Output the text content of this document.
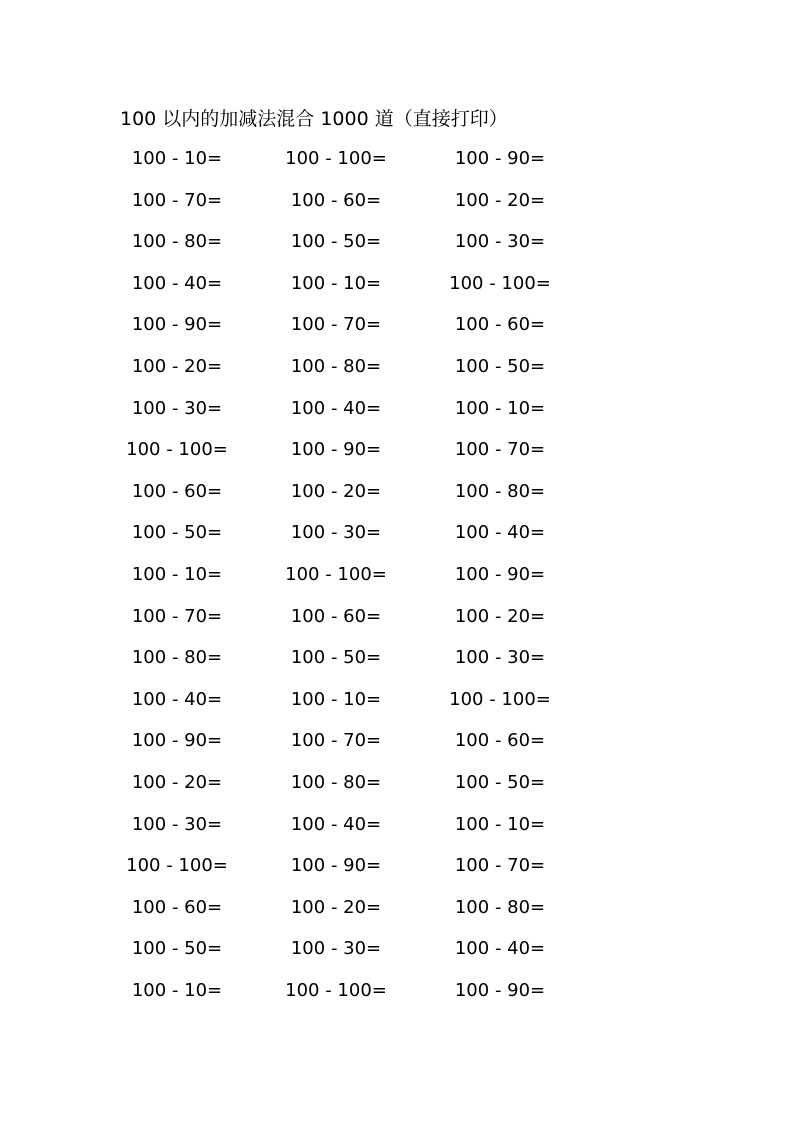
100 以内的加减法混合 1000 道（直接打印）
100 - 10=	100 - 100=	100 - 90=
100 - 70=	100 - 60=	100 - 20=
100 - 80=	100 - 50=	100 - 30=
100 - 40=	100 - 10=	100 - 100=
100 - 90=	100 - 70=	100 - 60=
100 - 20=	100 - 80=	100 - 50=
100 - 30=	100 - 40=	100 - 10=
100 - 100=	100 - 90=	100 - 70=
100 - 60=	100 - 20=	100 - 80=
100 - 50=	100 - 30=	100 - 40=
100 - 10=	100 - 100=	100 - 90=
100 - 70=	100 - 60=	100 - 20=
100 - 80=	100 - 50=	100 - 30=
100 - 40=	100 - 10=	100 - 100=
100 - 90=	100 - 70=	100 - 60=
100 - 20=	100 - 80=	100 - 50=
100 - 30=	100 - 40=	100 - 10=
100 - 100=	100 - 90=	100 - 70=
100 - 60=	100 - 20=	100 - 80=
100 - 50=	100 - 30=	100 - 40=
100 - 10=	100 - 100=	100 - 90=
